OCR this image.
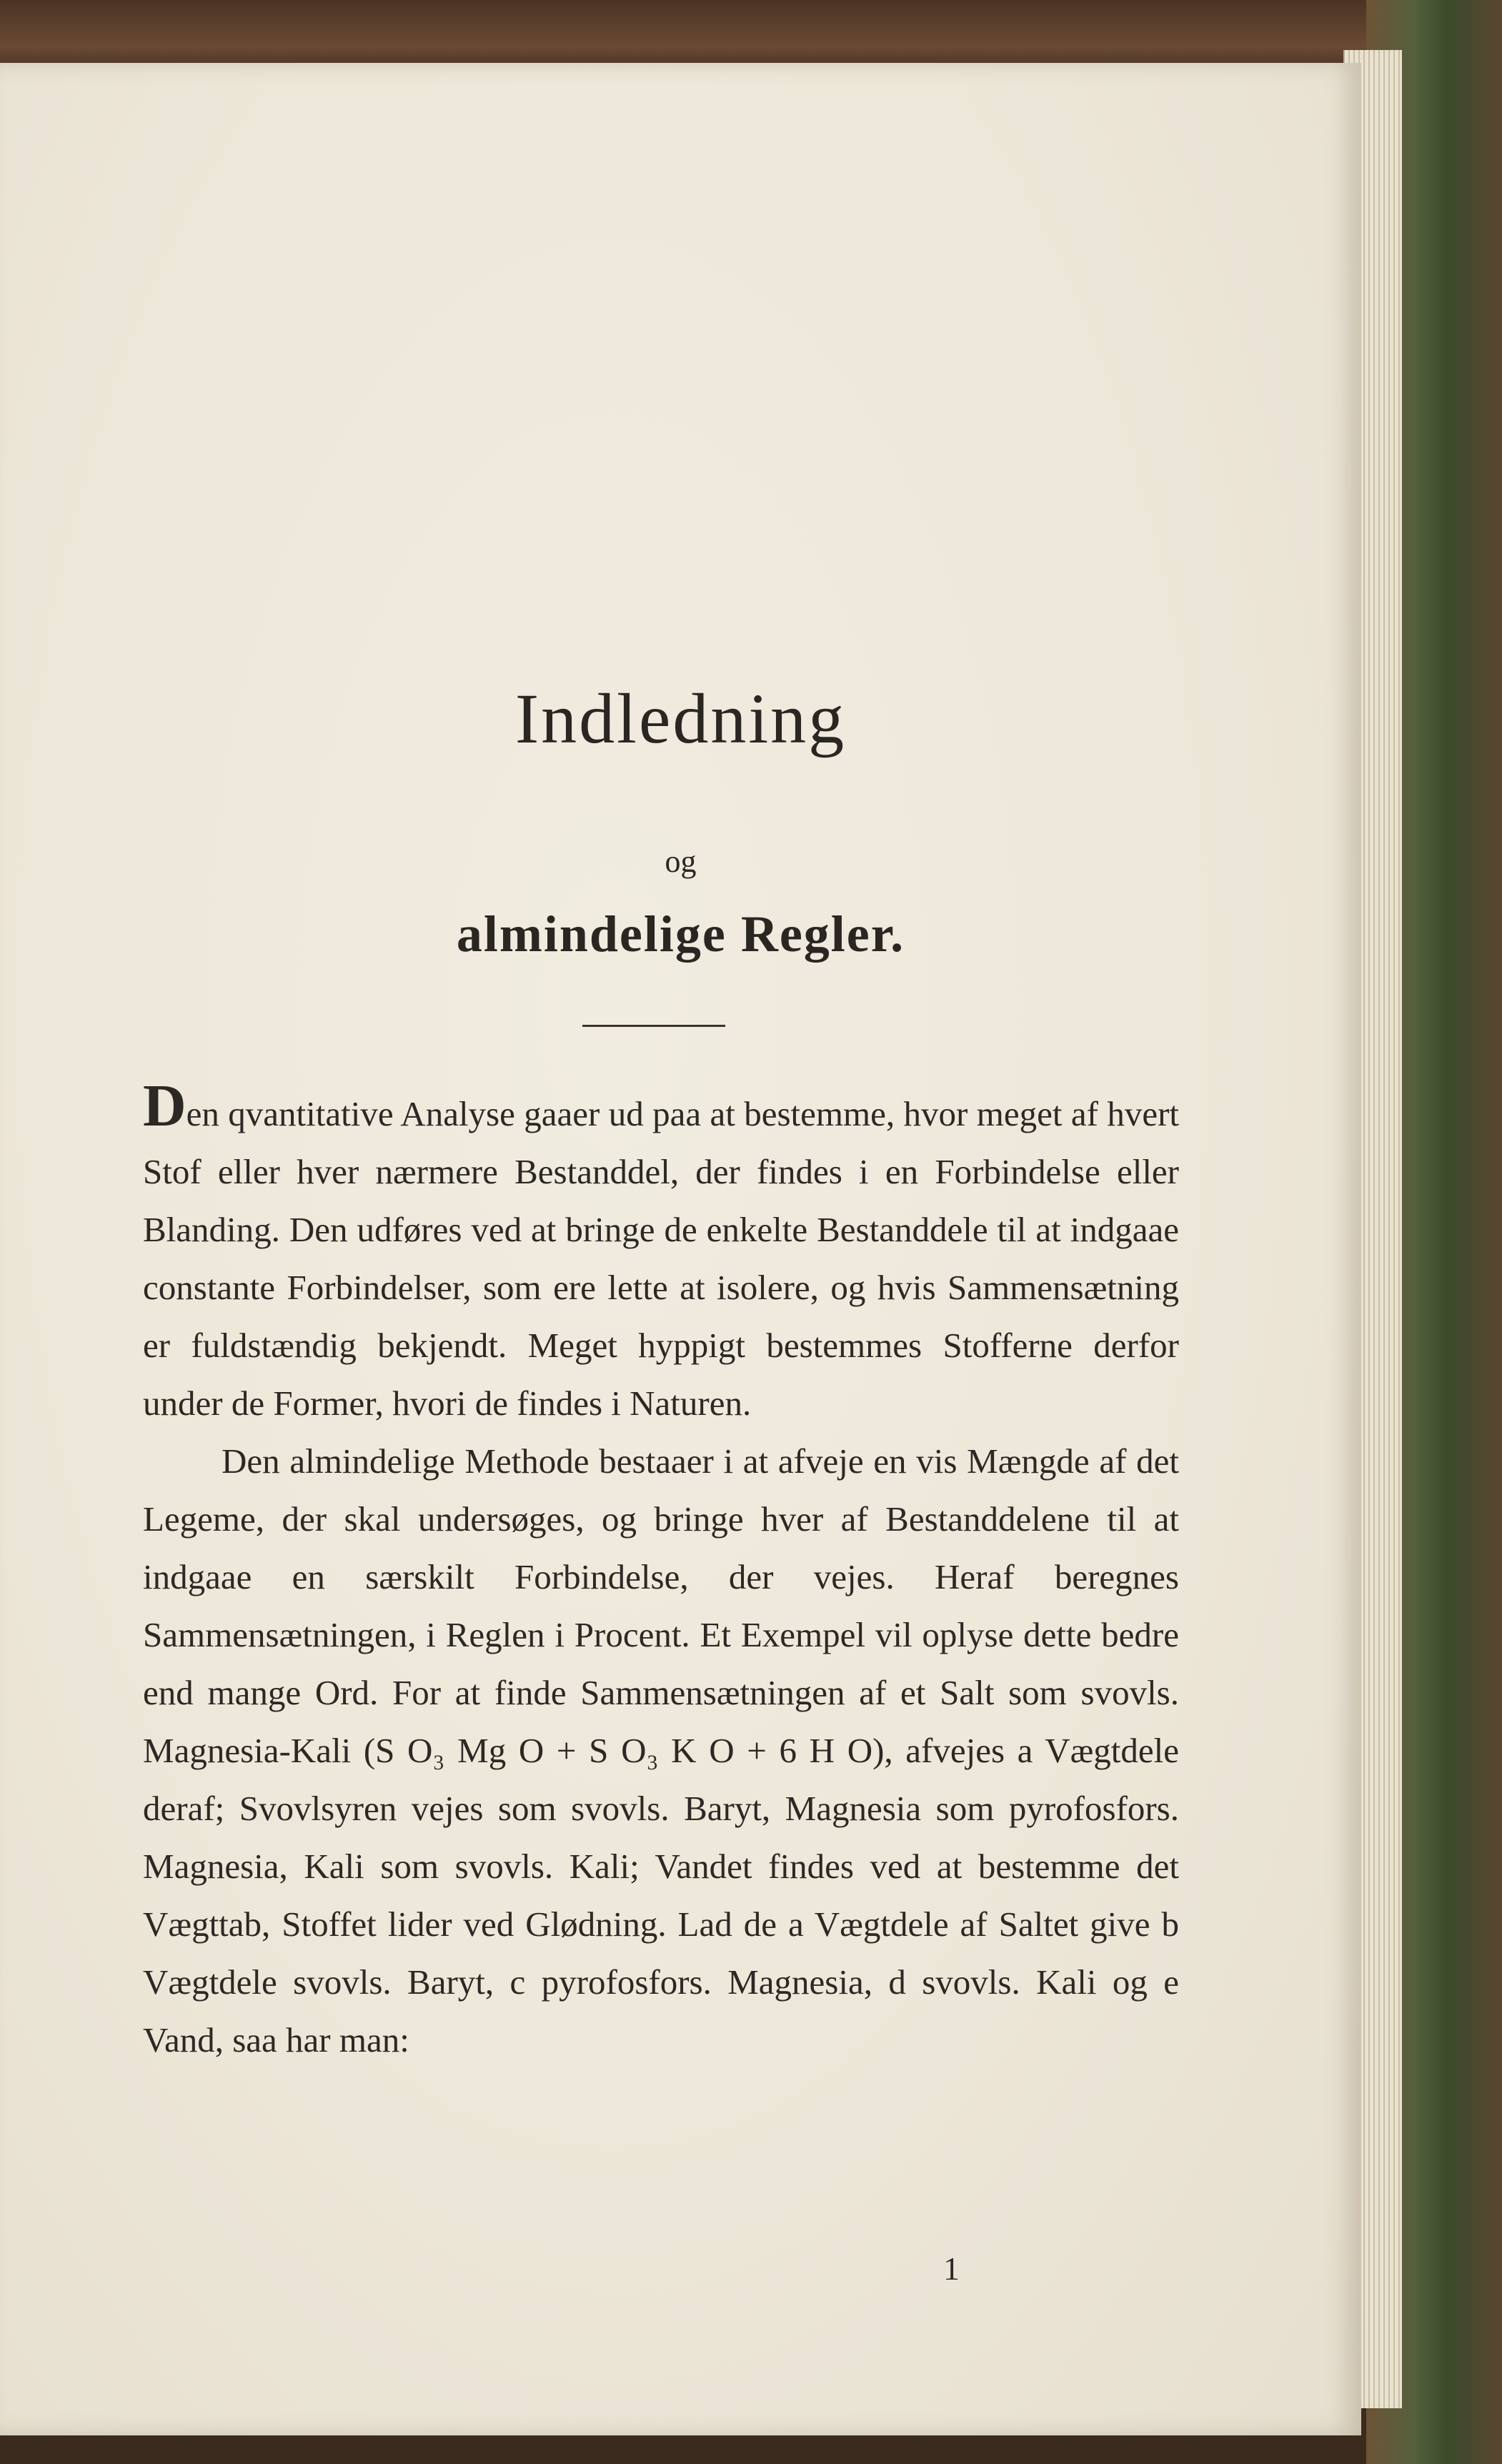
Indledning
og
almindelige Regler.

Den qvantitative Analyse gaaer ud paa at bestemme, hvor meget af hvert Stof eller hver nærmere Bestanddel, der findes i en Forbindelse eller Blanding. Den udføres ved at bringe de enkelte Bestanddele til at indgaae constante Forbindelser, som ere lette at isolere, og hvis Sammensætning er fuldstændig bekjendt. Meget hyppigt bestemmes Stofferne derfor under de Former, hvori de findes i Naturen.

Den almindelige Methode bestaaer i at afveje en vis Mængde af det Legeme, der skal undersøges, og bringe hver af Bestanddelene til at indgaae en særskilt Forbindelse, der vejes. Heraf beregnes Sammensætningen, i Reglen i Procent. Et Exempel vil oplyse dette bedre end mange Ord. For at finde Sammensætningen af et Salt som svovls. Magnesia-Kali (S O₃ Mg O + S O₃ K O + 6 H O), afvejes a Vægtdele deraf; Svovlsyren vejes som svovls. Baryt, Magnesia som pyrofosfors. Magnesia, Kali som svovls. Kali; Vandet findes ved at bestemme det Vægttab, Stoffet lider ved Glødning. Lad de a Vægtdele af Saltet give b Vægtdele svovls. Baryt, c pyrofosfors. Magnesia, d svovls. Kali og e Vand, saa har man:

1
